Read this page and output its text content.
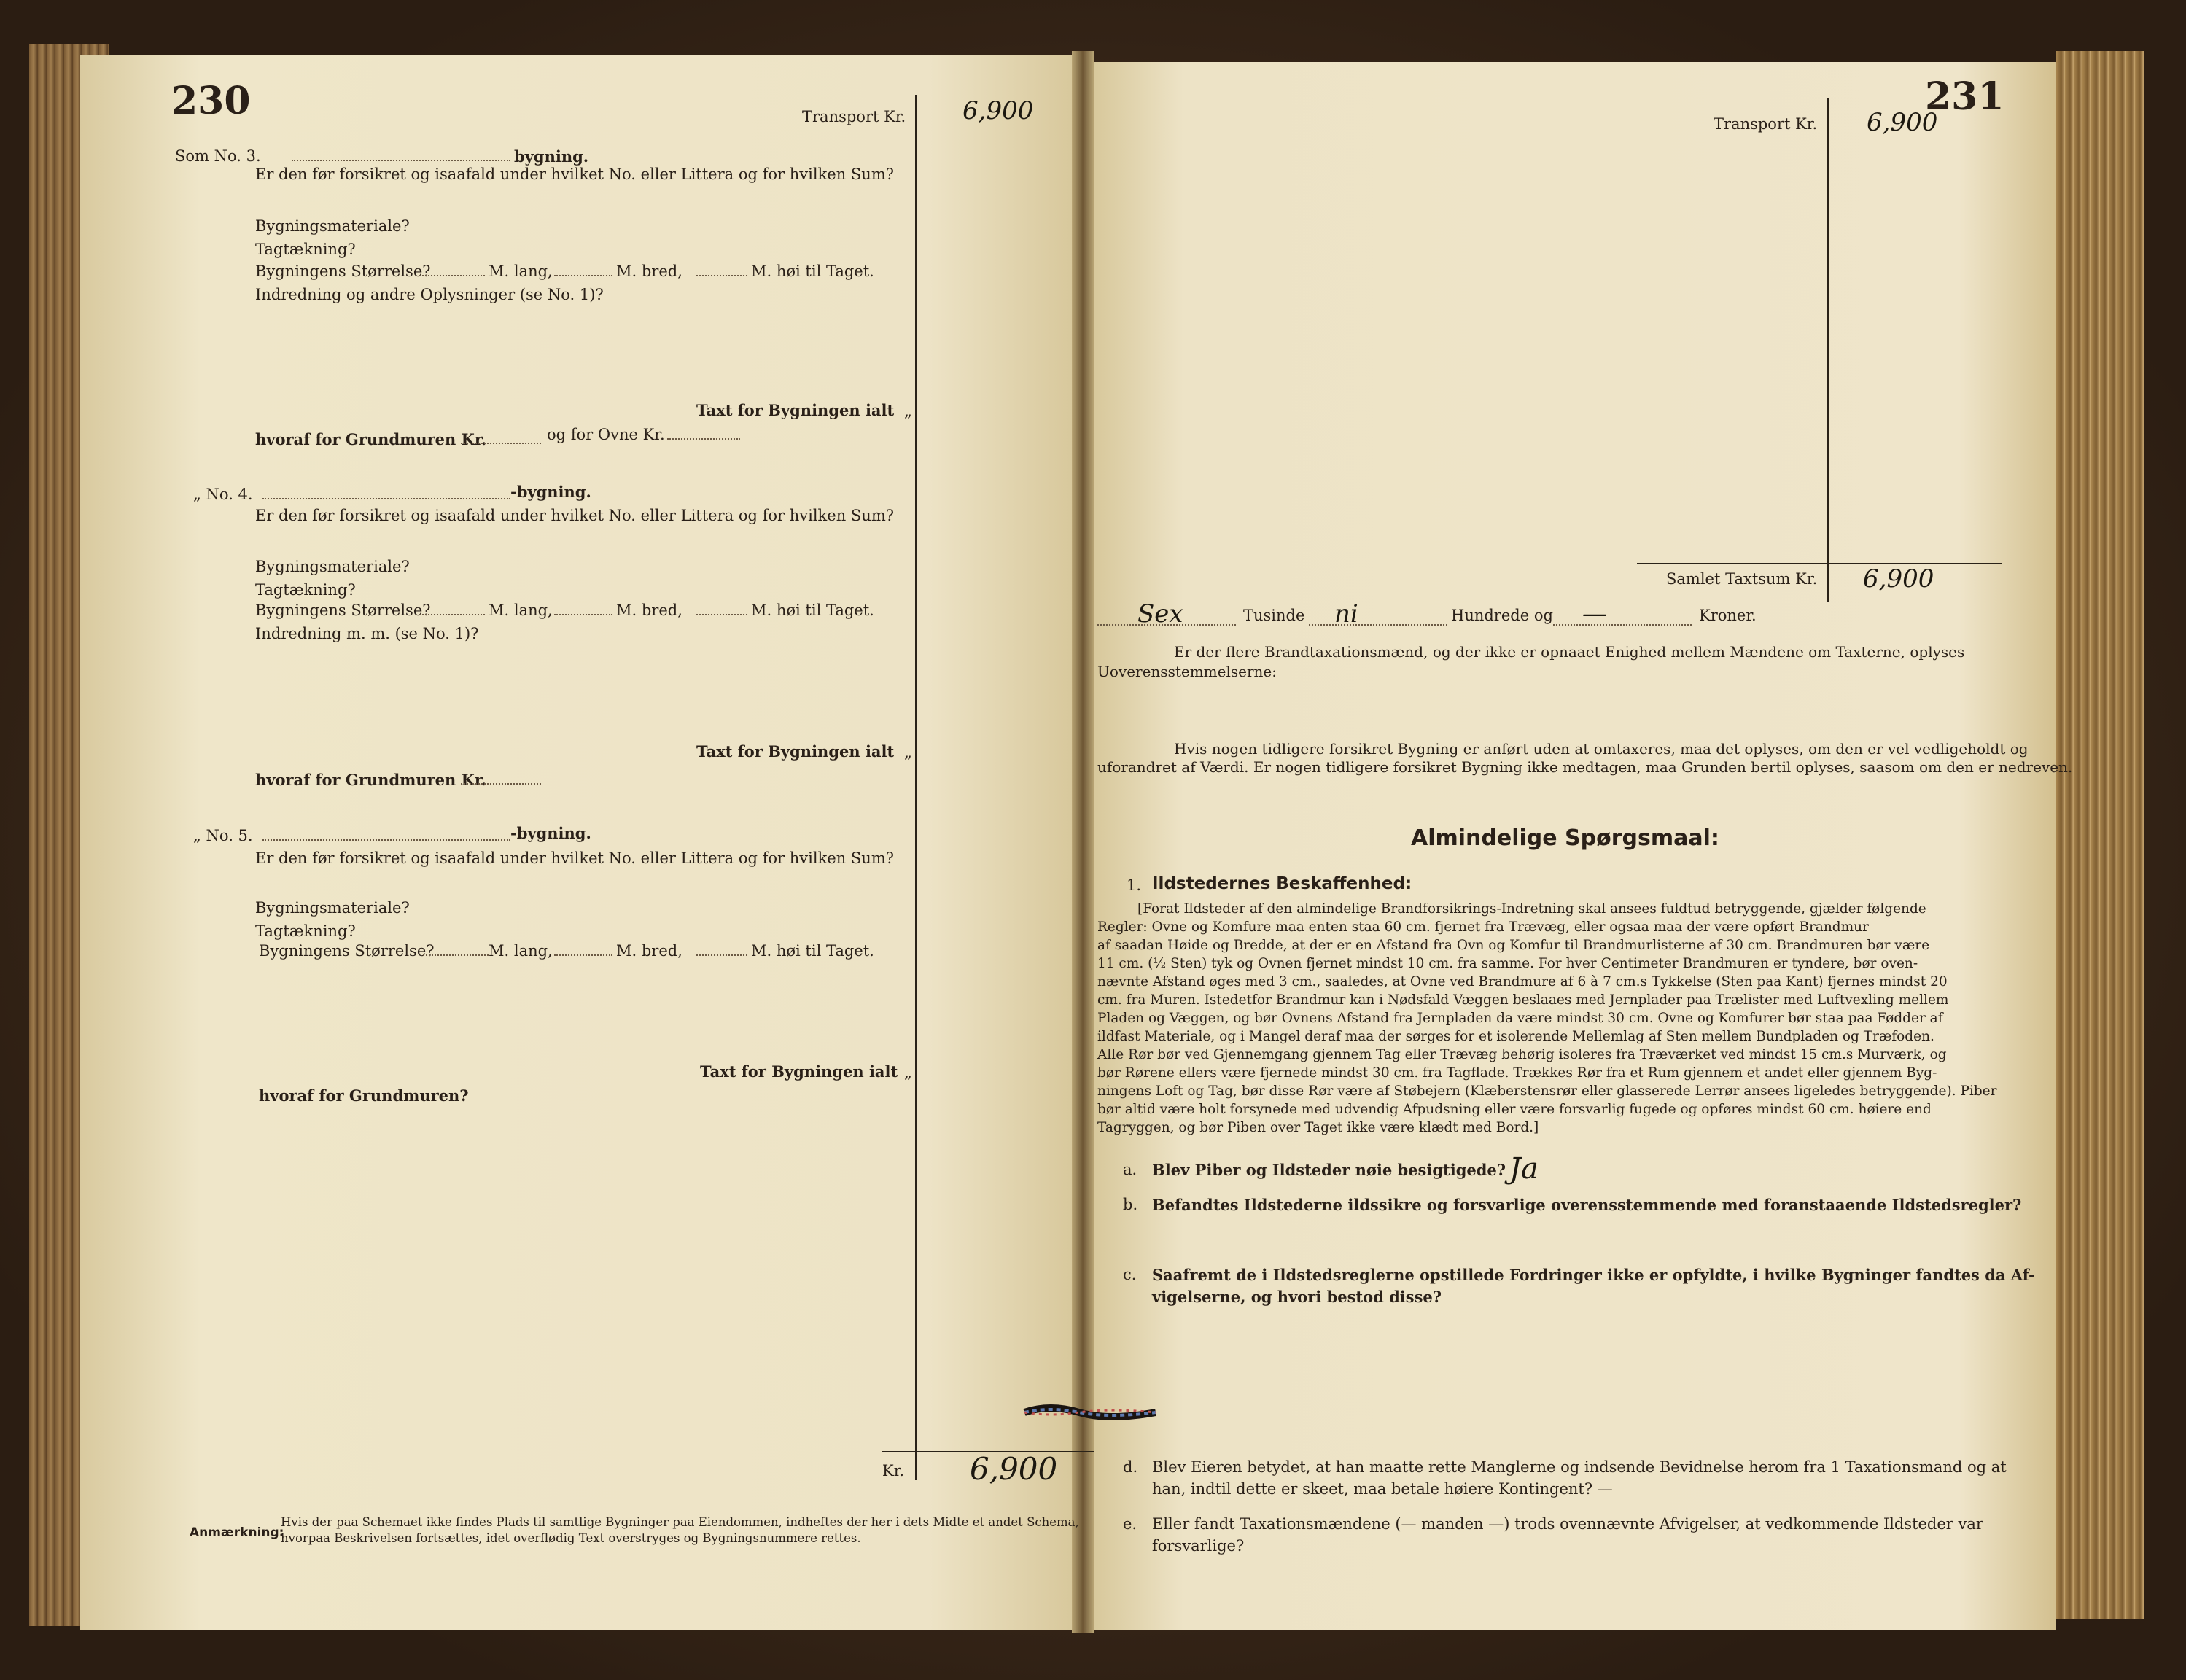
230	Transport Kr. 6,900
Som No. 3.	bygning.
Er den før forsikret og isaafald under hvilket No. eller Littera og for hvilken Sum?
Bygningsmateriale?
Tagtækning?
Bygningens Størrelse?	M. lang,	M. bred,	M. høi til Taget.
Indredning og andre Oplysninger (se No. 1)?
Taxt for Bygningen ialt „
hvoraf for Grundmuren Kr.	og for Ovne Kr.
„ No. 4.	-bygning.
Er den før forsikret og isaafald under hvilket No. eller Littera og for hvilken Sum?
Bygningsmateriale?
Tagtækning?
Bygningens Størrelse?	M. lang,	M. bred,	M. høi til Taget.
Indredning m. m. (se No. 1)?
Taxt for Bygningen ialt „
hvoraf for Grundmuren Kr.
„ No. 5.	-bygning.
Er den før forsikret og isaafald under hvilket No. eller Littera og for hvilken Sum?
Bygningsmateriale?
Tagtækning?
Bygningens Størrelse?	M. lang,	M. bred,	M. høi til Taget.
Taxt for Bygningen ialt „
hvoraf for Grundmuren?
Kr. 6,900
Anmærkning:
Hvis der paa Schemaet ikke findes Plads til samtlige Bygninger paa Eiendommen, indheftes der her i dets Midte et andet Schema,
hvorpaa Beskrivelsen fortsættes, idet overflødig Text overstryges og Bygningsnummere rettes.
231
Transport Kr. 6,900
Samlet Taxtsum Kr. 6,900
Sex	Tusinde ni	Hundrede og —	Kroner.
Er der flere Brandtaxationsmænd, og der ikke er opnaaet Enighed mellem Mændene om Taxterne, oplyses
Uoverensstemmelserne:
Hvis nogen tidligere forsikret Bygning er anført uden at omtaxeres, maa det oplyses, om den er vel vedligeholdt og
uforandret af Værdi. Er nogen tidligere forsikret Bygning ikke medtagen, maa Grunden bertil oplyses, saasom om den er nedreven.
Almindelige Spørgsmaal:
1. Ildstedernes Beskaffenhed:
[Forat Ildsteder af den almindelige Brandforsikrings-Indretning skal ansees fuldtud betryggende, gjælder følgende
Regler: Ovne og Komfure maa enten staa 60 cm. fjernet fra Trævæg, eller ogsaa maa der være opført Brandmur
af saadan Høide og Bredde, at der er en Afstand fra Ovn og Komfur til Brandmurlisterne af 30 cm. Brandmuren bør være
11 cm. (½ Sten) tyk og Ovnen fjernet mindst 10 cm. fra samme. For hver Centimeter Brandmuren er tyndere, bør oven-
nævnte Afstand øges med 3 cm., saaledes, at Ovne ved Brandmure af 6 à 7 cm.s Tykkelse (Sten paa Kant) fjernes mindst 20
cm. fra Muren. Istedetfor Brandmur kan i Nødsfald Væggen beslaaes med Jernplader paa Trælister med Luftvexling mellem
Pladen og Væggen, og bør Ovnens Afstand fra Jernpladen da være mindst 30 cm. Ovne og Komfurer bør staa paa Fødder af
ildfast Materiale, og i Mangel deraf maa der sørges for et isolerende Mellemlag af Sten mellem Bundpladen og Træfoden.
Alle Rør bør ved Gjennemgang gjennem Tag eller Trævæg behørig isoleres fra Træværket ved mindst 15 cm.s Murværk, og
bør Rørene ellers være fjernede mindst 30 cm. fra Tagflade. Trækkes Rør fra et Rum gjennem et andet eller gjennem Byg-
ningens Loft og Tag, bør disse Rør være af Støbejern (Klæberstensrør eller glasserede Lerrør ansees ligeledes betryggende). Piber
bør altid være holt forsynede med udvendig Afpudsning eller være forsvarlig fugede og opføres mindst 60 cm. høiere end
Tagryggen, og bør Piben over Taget ikke være klædt med Bord.]
a. Blev Piber og Ildsteder nøie besigtigede? Ja
b. Befandtes Ildstederne ildssikre og forsvarlige overensstemmende med foranstaaende Ildstedsregler?
c. Saafremt de i Ildstedsreglerne opstillede Fordringer ikke er opfyldte, i hvilke Bygninger fandtes da Af-
vigelserne, og hvori bestod disse?
d. Blev Eieren betydet, at han maatte rette Manglerne og indsende Bevidnelse herom fra 1 Taxationsmand og at
han, indtil dette er skeet, maa betale høiere Kontingent? —
e. Eller fandt Taxationsmændene (— manden —) trods ovennævnte Afvigelser, at vedkommende Ildsteder var
forsvarlige?
